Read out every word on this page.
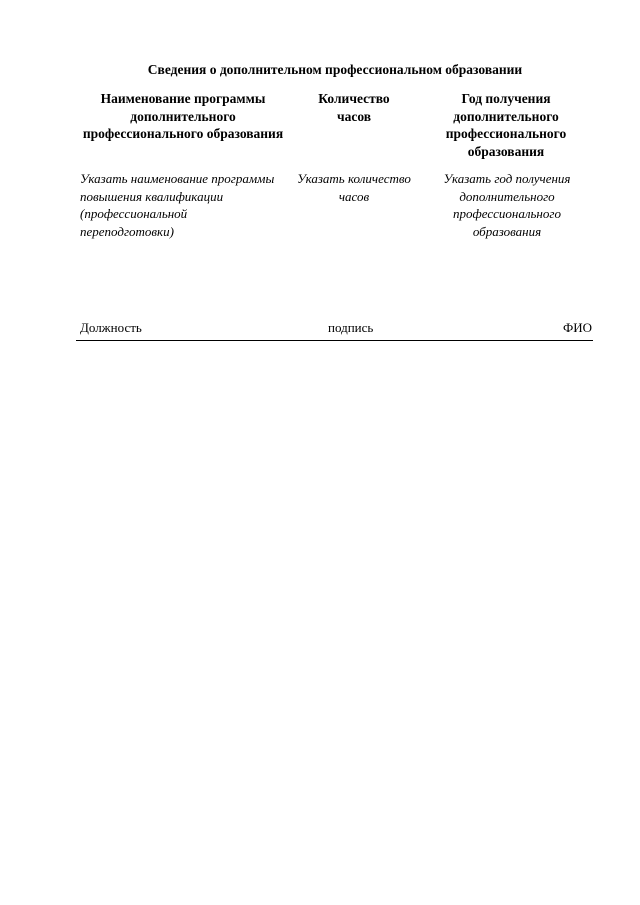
Сведения о дополнительном профессиональном образовании
Наименование программы дополнительного профессионального образования
Количество часов
Год получения дополнительного профессионального образования
Указать наименование программы повышения квалификации (профессиональной переподготовки)
Указать количество часов
Указать год получения дополнительного профессионального образования
Должность	подпись	ФИО
